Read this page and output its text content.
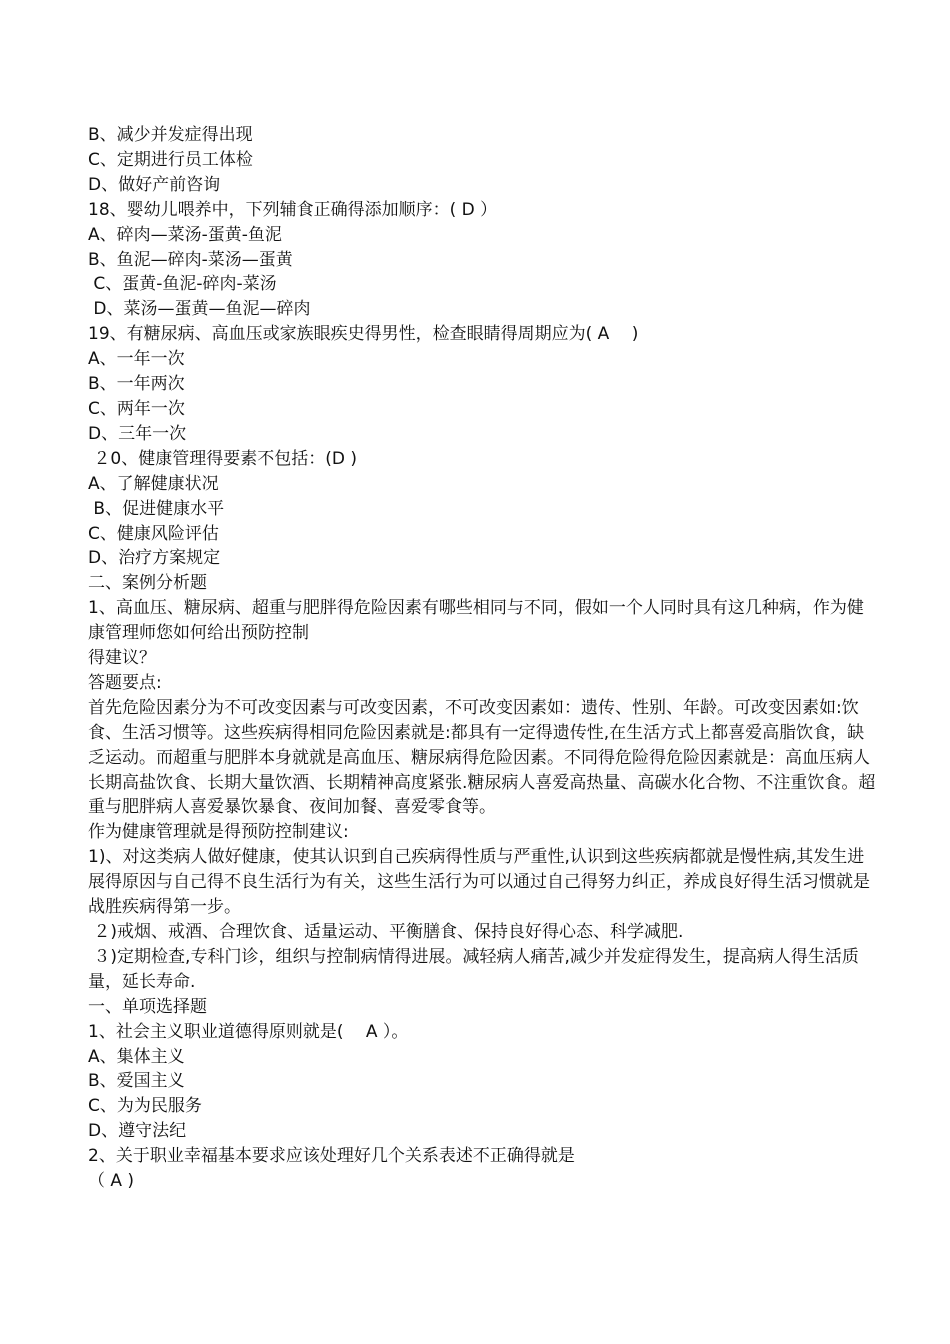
B、减少并发症得出现

C、定期进行员工体检

D、做好产前咨询

18、婴幼儿喂养中，下列辅食正确得添加顺序：( D ）

A、碎肉—菜汤-蛋黄-鱼泥

B、鱼泥—碎肉-菜汤—蛋黄

C、蛋黄-鱼泥-碎肉-菜汤

D、菜汤—蛋黄—鱼泥—碎肉

19、有糖尿病、高血压或家族眼疾史得男性，检查眼睛得周期应为( A　 )

A、一年一次

B、一年两次

C、两年一次

D、三年一次

２0、健康管理得要素不包括：(D )

A、了解健康状况

B、促进健康水平

C、健康风险评估

D、治疗方案规定

二、案例分析题

1、高血压、糖尿病、超重与肥胖得危险因素有哪些相同与不同，假如一个人同时具有这几种病，作为健康管理师您如何给出预防控制

得建议？

答题要点:

首先危险因素分为不可改变因素与可改变因素，不可改变因素如：遗传、性别、年龄。可改变因素如:饮食、生活习惯等。这些疾病得相同危险因素就是:都具有一定得遗传性,在生活方式上都喜爱高脂饮食，缺乏运动。而超重与肥胖本身就就是高血压、糖尿病得危险因素。不同得危险得危险因素就是：高血压病人长期高盐饮食、长期大量饮酒、长期精神高度紧张.糖尿病人喜爱高热量、高碳水化合物、不注重饮食。超重与肥胖病人喜爱暴饮暴食、夜间加餐、喜爱零食等。

作为健康管理就是得预防控制建议:

1)、对这类病人做好健康，使其认识到自己疾病得性质与严重性,认识到这些疾病都就是慢性病,其发生进展得原因与自己得不良生活行为有关，这些生活行为可以通过自己得努力纠正，养成良好得生活习惯就是战胜疾病得第一步。

２)戒烟、戒酒、合理饮食、适量运动、平衡膳食、保持良好得心态、科学减肥.

３)定期检查,专科门诊，组织与控制病情得进展。减轻病人痛苦,减少并发症得发生，提高病人得生活质量，延长寿命.

一、单项选择题

1、社会主义职业道德得原则就是(　 A ）。

A、集体主义

B、爱国主义

C、为为民服务

D、遵守法纪

2、关于职业幸福基本要求应该处理好几个关系表述不正确得就是

（ A )
